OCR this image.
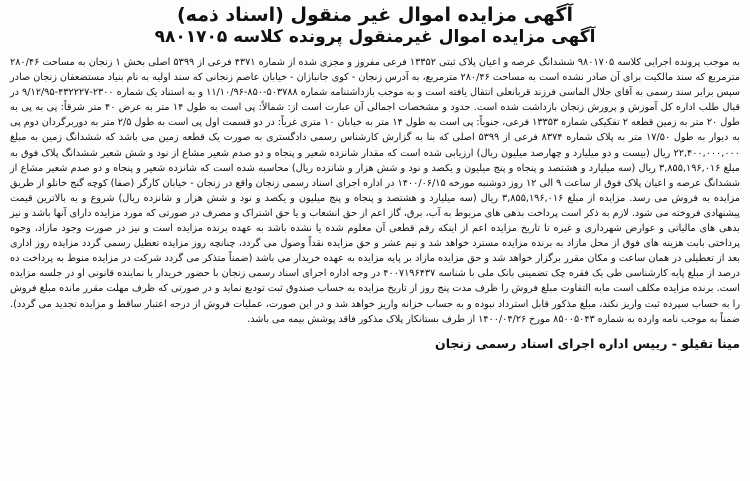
آگهی مزایده اموال غیر منقول (اسناد ذمه)

آگهی مزایده اموال غیرمنقول پرونده کلاسه ۹۸۰۱۷۰۵

به موجب پرونده اجرایی کلاسه ۹۸۰۱۷۰۵ ششدانگ عرصه و اعیان پلاک ثبتی ۱۳۳۵۲ فرعی مفروز و مجزی شده از شماره ۴۳۷۱ فرعی از ۵۳۹۹ اصلی بخش ۱ زنجان به مساحت ۲۸۰/۴۶ مترمربع که سند مالکیت برای آن صادر نشده است به مساحت ۲۸۰/۴۶ مترمربع، به آدرس زنجان - کوی جانبازان - خیابان عاصم زنجانی که سند اولیه به نام بنیاد مستضعفان زنجان صادر سپس برابر سند رسمی به آقای جلال الماسی فرزند قربانعلی انتقال یافته است و به موجب بازداشتنامه شماره ۵۰۳۷۸۸-۸۵۰-۱۱/۱۰/۹۶ و به استناد یک شماره ۲۳۰۰-۴۳۲۲۲۷-۹/۱۲/۹۵ در قبال طلب اداره کل آموزش و پرورش زنجان بازداشت شده است. حدود و مشخصات اجمالی آن عبارت است از: شمالاً: پی است به طول ۱۴ متر به عرض ۴۰ متر شرقاً: پی به پی به طول ۲۰ متر به زمین قطعه ۲ تفکیکی شماره ۱۳۳۵۳ فرعی، جنوباً: پی است به طول ۱۴ متر به خیابان ۱۰ متری غرباً: در دو قسمت اول پی است به طول ۲/۵ متر به دوربرگردان دوم پی به دیوار به طول ۱۷/۵۰ متر به پلاک شماره ۸۳۷۴ فرعی از ۵۳۹۹ اصلی که بنا به گزارش کارشناس رسمی دادگستری به صورت یک قطعه زمین می باشد که ششدانگ زمین به مبلغ ۲۲,۴۰۰,۰۰۰,۰۰۰ ریال (بیست و دو میلیارد و چهارصد میلیون ریال) ارزیابی شده است که مقدار شانزده شعیر و پنجاه و دو صدم شعیر مشاع از نود و شش شعیر ششدانگ پلاک فوق به مبلغ ۳,۸۵۵,۱۹۶,۰۱۶ ریال (سه میلیارد و هشتصد و پنجاه و پنج میلیون و یکصد و نود و شش هزار و شانزده ریال) محاسبه شده است که شانزده شعیر و پنجاه و دو صدم شعیر مشاع از ششدانگ عرصه و اعیان پلاک فوق از ساعت ۹ الی ۱۲ روز دوشنبه مورخه ۱۴۰۰/۰۶/۱۵ در اداره اجرای اسناد رسمی زنجان واقع در زنجان - خیابان کارگر (صفا) کوچه گنج خانلو از طریق مزایده به فروش می رسد. مزایده از مبلغ ۳,۸۵۵,۱۹۶,۰۱۶ ریال (سه میلیارد و هشتصد و پنجاه و پنج میلیون و یکصد و نود و شش هزار و شانزده ریال) شروع و به بالاترین قیمت پیشنهادی فروخته می شود. لازم به ذکر است پرداخت بدهی های مربوط به آب، برق، گاز اعم از حق انشعاب و یا حق اشتراک و مصرف در صورتی که مورد مزایده دارای آنها باشد و نیز بدهی های مالیاتی و عوارض شهرداری و غیره تا تاریخ مزایده اعم از اینکه رقم قطعی آن معلوم شده یا نشده باشد به عهده برنده مزایده است و نیز در صورت وجود مازاد، وجوه پرداختی بابت هزینه های فوق از محل مازاد به برنده مزایده مسترد خواهد شد و نیم عشر و حق مزایده نقداً وصول می گردد، چنانچه روز مزایده تعطیل رسمی گردد مزایده روز اداری بعد از تعطیلی در همان ساعت و مکان مقرر برگزار خواهد شد و حق مزایده مازاد بر پایه مزایده به عهده خریدار می باشد (ضمناً متذکر می گردد شرکت در مزایده منوط به پرداخت ده درصد از مبلغ پایه کارشناسی طی یک فقره چک تضمینی بانک ملی با شناسه ۴۰۰۷۱۹۶۴۳۷ در وجه اداره اجرای اسناد رسمی زنجان با حضور خریدار یا نماینده قانونی او در جلسه مزایده است. برنده مزایده مکلف است مابه التفاوت مبلغ فروش را ظرف مدت پنج روز از تاریخ مزایده به حساب صندوق ثبت تودیع نماید و در صورتی که ظرف مهلت مقرر مانده مبلغ فروش را به حساب سپرده ثبت واریز نکند، مبلغ مذکور قابل استرداد نبوده و به حساب خزانه واریز خواهد شد و در این صورت، عملیات فروش از درجه اعتبار ساقط و مزایده تجدید می گردد). ضمناً به موجب نامه وارده به شماره ۸۵۰۰۵۰۴۳ مورخ ۱۴۰۰/۰۴/۲۶ از طرف بستانکار پلاک مذکور فاقد پوشش بیمه می باشد.

مینا تقیلو - رییس اداره اجرای اسناد رسمی زنجان
